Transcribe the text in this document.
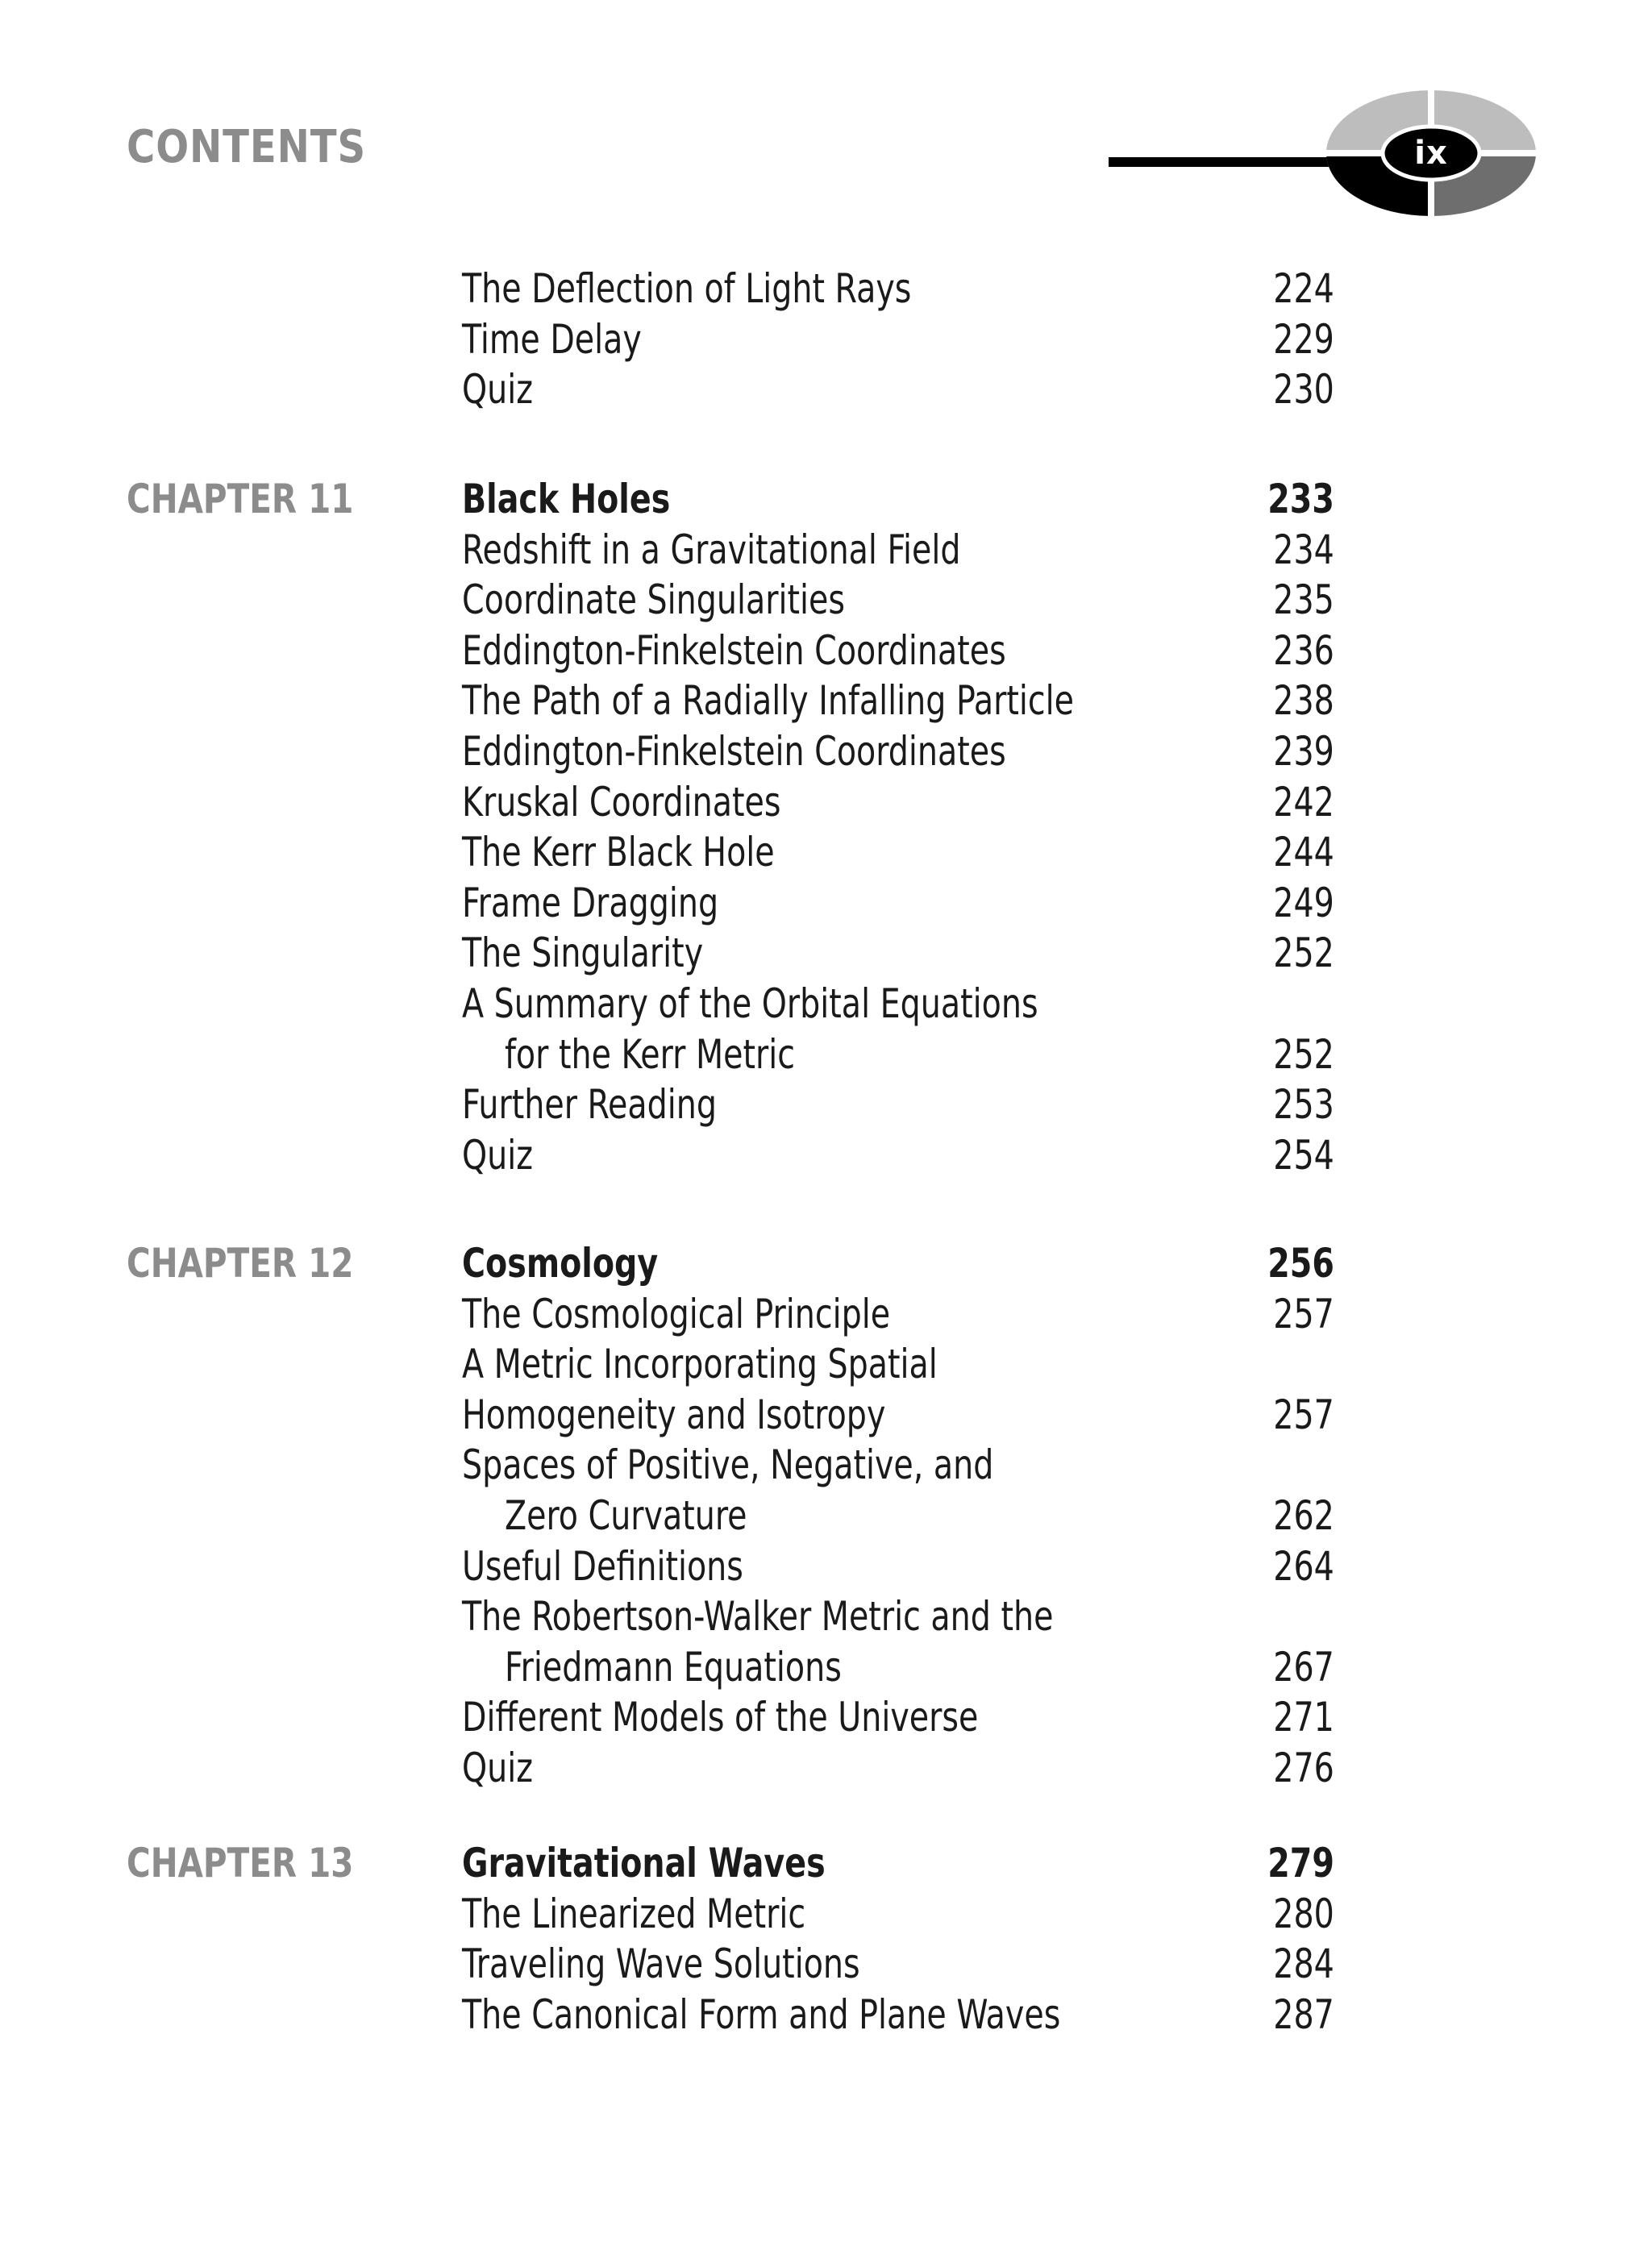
CONTENTS	ix
The Deflection of Light Rays	224
Time Delay	229
Quiz	230
CHAPTER 11	Black Holes	233
Redshift in a Gravitational Field	234
Coordinate Singularities	235
Eddington-Finkelstein Coordinates	236
The Path of a Radially Infalling Particle	238
Eddington-Finkelstein Coordinates	239
Kruskal Coordinates	242
The Kerr Black Hole	244
Frame Dragging	249
The Singularity	252
A Summary of the Orbital Equations
for the Kerr Metric	252
Further Reading	253
Quiz	254
CHAPTER 12	Cosmology	256
The Cosmological Principle	257
A Metric Incorporating Spatial
Homogeneity and Isotropy	257
Spaces of Positive, Negative, and
Zero Curvature	262
Useful Definitions	264
The Robertson-Walker Metric and the
Friedmann Equations	267
Different Models of the Universe	271
Quiz	276
CHAPTER 13	Gravitational Waves	279
The Linearized Metric	280
Traveling Wave Solutions	284
The Canonical Form and Plane Waves	287
